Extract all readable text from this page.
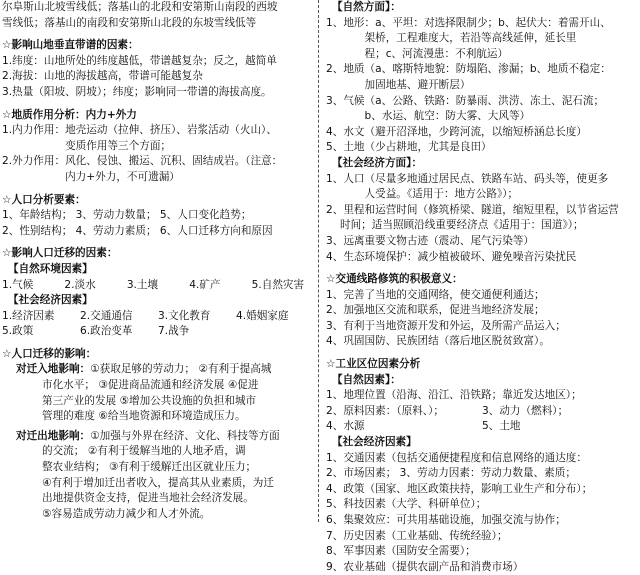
尔阜斯山北坡雪线低；落基山的北段和安第斯山南段的西坡
雪线低；落基山的南段和安第斯山北段的东坡雪线低等
☆影响山地垂直带谱的因素：
1.纬度：山地所处的纬度越低，带谱越复杂；反之，越简单
2.海拔：山地的海拔越高，带谱可能越复杂
3.热量（阳坡、阴坡）；纬度；影响同一带谱的海拔高度。
☆地质作用分析：内力+外力
1.内力作用： 地壳运动（拉伸、挤压）、岩浆活动（火山）、
变质作用等三个方面；
2.外力作用： 风化、侵蚀、搬运、沉积、固结成岩。（注意：
内力+外力，不可遗漏）
☆人口分析要素：
1、年龄结构； 3、劳动力数量； 5、人口变化趋势；
2、性别结构； 4、劳动力素质； 6、人口迁移方向和原因
☆影响人口迁移的因素：
【自然环境因素】
1.气候	2.淡水	3.土壤	4.矿产	5.自然灾害
【社会经济因素】
1.经济因素	2.交通通信	3.文化教育	4.婚姻家庭
5.政策	6.政治变革	7.战争
☆人口迁移的影响：
对迁入地影响： ①获取足够的劳动力； ②有利于提高城
市化水平； ③促进商品流通和经济发展 ④促进
第三产业的发展 ⑤增加公共设施的负担和城市
管理的难度 ⑥给当地资源和环境造成压力。
对迁出地影响： ①加强与外界在经济、文化、科技等方面
的交流； ②有利于缓解当地的人地矛盾，调
整农业结构； ③有利于缓解迁出区就业压力；
④有利于增加迁出者收入，提高其从业素质，为迁
出地提供资金支持，促进当地社会经济发展。
⑤容易造成劳动力减少和人才外流。
【自然方面】：
1、地形 ：a、平坦：对选择限制少；b、起伏大：着需开山、
架桥，工程难度大，若沿等高线延伸，延长里
程；c、河流漫患：不利航运）
2、地质 （a、喀斯特地貌：防塌陷、渗漏；b、地质不稳定：
加固地基、避开断层）
3、气候 （a、公路、铁路：防暴雨、洪涝、冻土、泥石流；
b、水运、航空：防大雾、大风等）
4、水文 （避开沼泽地，少跨河流，以缩短桥涵总长度）
5、土地 （少占耕地，尤其是良田）
【社会经济方面】：
1、人口 （尽量多地通过居民点、铁路车站、码头等，使更多
人受益。《适用于：地方公路》）；
2、里程和运营时间 （修筑桥梁、隧道，缩短里程，以节省运营
时间；适当照顾沿线重要经济点《适用于：国道》）；
3、远离重要文物古迹 （震动、尾气污染等）
4、生态环境保护 ：减少植被破坏、避免噪音污染扰民
☆交通线路修筑的积极意义：
1、完善了当地的交通网络，使交通便利通达；
2、加强地区交流和联系，促进当地经济发展；
3、有利于当地资源开发和外运，及所需产品运入；
4、巩固国防、民族团结（落后地区脱贫致富）。
☆工业区位因素分析
【自然因素】：
1、地理位置（沿海、沿江、沿铁路；靠近发达地区）；
2、原料因素：（原料、）；	3、动力（燃料）；
4、水源	5、土地
【社会经济因素】
1、交通因素（包括交通便捷程度和信息网络的通达度：
2、市场因素； 3、劳动力因素：劳动力数量、素质；
4、政策（国家、地区政策扶持，影响工业生产和分布）；
5、科技因素（大学、科研单位）；
6、集聚效应：可共用基础设施，加强交流与协作；
7、历史因素（工业基础、传统经验）；
8、军事因素（国防安全需要）；
9、农业基础（提供农副产品和消费市场）
